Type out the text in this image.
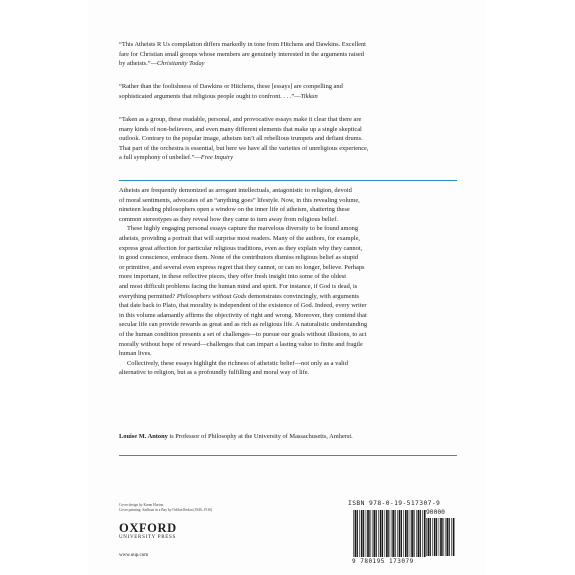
“This Atheists R Us compilation differs markedly in tone from Hitchens and Dawkins. Excellent
fare for Christian small groups whose members are genuinely interested in the arguments raised
by atheists.”—Christianity Today
“Rather than the foolishness of Dawkins or Hitchens, these [essays] are compelling and
sophisticated arguments that religious people ought to confront. . . .”—Tikkun
“Taken as a group, these readable, personal, and provocative essays make it clear that there are
many kinds of non-believers, and even many different elements that make up a single skeptical
outlook. Contrary to the popular image, atheism isn’t all rebellious trumpets and defiant drums.
That part of the orchestra is essential, but here we have all the varieties of unreligious experience,
a full symphony of unbelief.”—Free Inquiry

Atheists are frequently demonized as arrogant intellectuals, antagonistic to religion, devoid
of moral sentiments, advocates of an “anything goes” lifestyle. Now, in this revealing volume,
nineteen leading philosophers open a window on the inner life of atheism, shattering these
common stereotypes as they reveal how they came to turn away from religious belief.

These highly engaging personal essays capture the marvelous diversity to be found among
atheists, providing a portrait that will surprise most readers. Many of the authors, for example,
express great affection for particular religious traditions, even as they explain why they cannot,
in good conscience, embrace them. None of the contributors dismiss religious belief as stupid
or primitive, and several even express regret that they cannot, or can no longer, believe. Perhaps
more important, in these reflective pieces, they offer fresh insight into some of the oldest
and most difficult problems facing the human mind and spirit. For instance, if God is dead, is
everything permitted? Philosophers without Gods demonstrates convincingly, with arguments
that date back to Plato, that morality is independent of the existence of God. Indeed, every writer
in this volume adamantly affirms the objectivity of right and wrong. Moreover, they contend that
secular life can provide rewards as great and as rich as religious life. A naturalistic understanding
of the human condition presents a set of challenges—to pursue our goals without illusions, to act
morally without hope of reward—challenges that can impart a lasting value to finite and fragile
human lives.

Collectively, these essays highlight the richness of atheistic belief—not only as a valid
alternative to religion, but as a profoundly fulfilling and moral way of life.

Louise M. Antony is Professor of Philosophy at the University of Massachusetts, Amherst.
Cover design by Karen Horton
Cover painting: Sailboat in a Bay by Odilon Redon (1840–1916)
OXFORD
UNIVERSITY PRESS
www.oup.com
ISBN 978-0-19-517307-9
90000
9 780195 173079
